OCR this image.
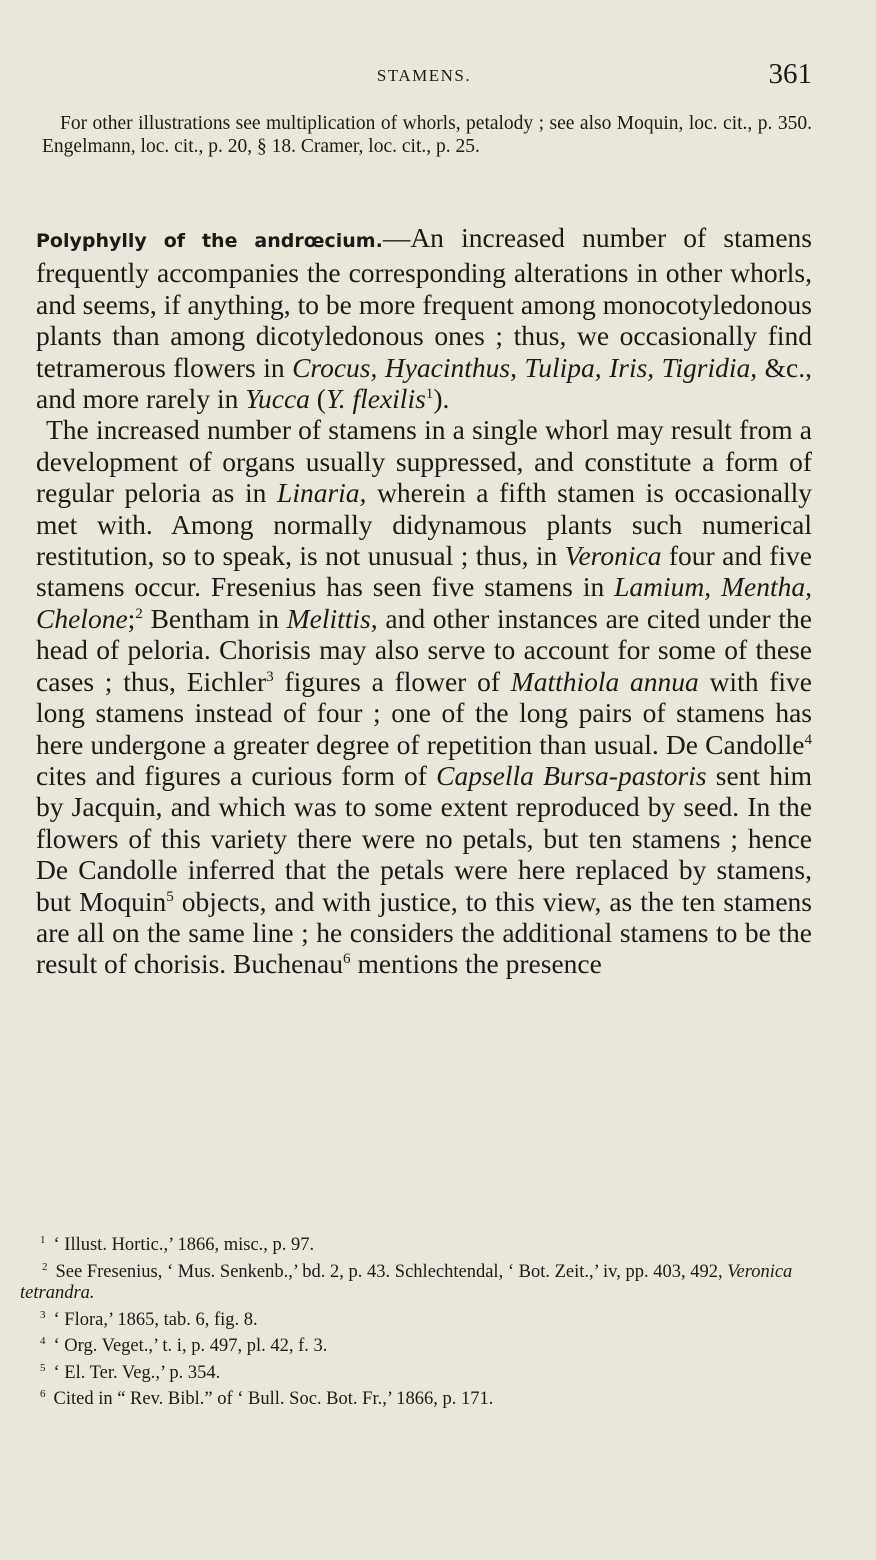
STAMENS.	361
For other illustrations see multiplication of whorls, petalody ; see also Moquin, loc. cit., p. 350. Engelmann, loc. cit., p. 20, § 18. Cramer, loc. cit., p. 25.

Polyphylly of the andrœcium.—An increased number of stamens frequently accompanies the corresponding alterations in other whorls, and seems, if anything, to be more frequent among monocotyledonous plants than among dicotyledonous ones ; thus, we occasionally find tetramerous flowers in Crocus, Hyacinthus, Tulipa, Iris, Tigridia, &c., and more rarely in Yucca (Y. flexilis$^1$).

The increased number of stamens in a single whorl may result from a development of organs usually suppressed, and constitute a form of regular peloria as in Linaria, wherein a fifth stamen is occasionally met with. Among normally didynamous plants such numerical restitution, so to speak, is not unusual ; thus, in Veronica four and five stamens occur. Fresenius has seen five stamens in Lamium, Mentha, Chelone;$^2$ Bentham in Melittis, and other instances are cited under the head of peloria. Chorisis may also serve to account for some of these cases ; thus, Eichler$^3$ figures a flower of Matthiola annua with five long stamens instead of four ; one of the long pairs of stamens has here undergone a greater degree of repetition than usual. De Candolle$^4$ cites and figures a curious form of Capsella Bursa-pastoris sent him by Jacquin, and which was to some extent reproduced by seed. In the flowers of this variety there were no petals, but ten stamens ; hence De Candolle inferred that the petals were here replaced by stamens, but Moquin$^5$ objects, and with justice, to this view, as the ten stamens are all on the same line ; he considers the additional stamens to be the result of chorisis. Buchenau$^6$ mentions the presence

$^1$ ‘ Illust. Hortic.,’ 1866, misc., p. 97.

$^2$ See Fresenius, ‘ Mus. Senkenb.,’ bd. 2, p. 43. Schlechtendal, ‘ Bot. Zeit.,’ iv, pp. 403, 492, Veronica tetrandra.

$^3$ ‘ Flora,’ 1865, tab. 6, fig. 8.

$^4$ ‘ Org. Veget.,’ t. i, p. 497, pl. 42, f. 3.

$^5$ ‘ El. Ter. Veg.,’ p. 354.

$^6$ Cited in “ Rev. Bibl.” of ‘ Bull. Soc. Bot. Fr.,’ 1866, p. 171.
